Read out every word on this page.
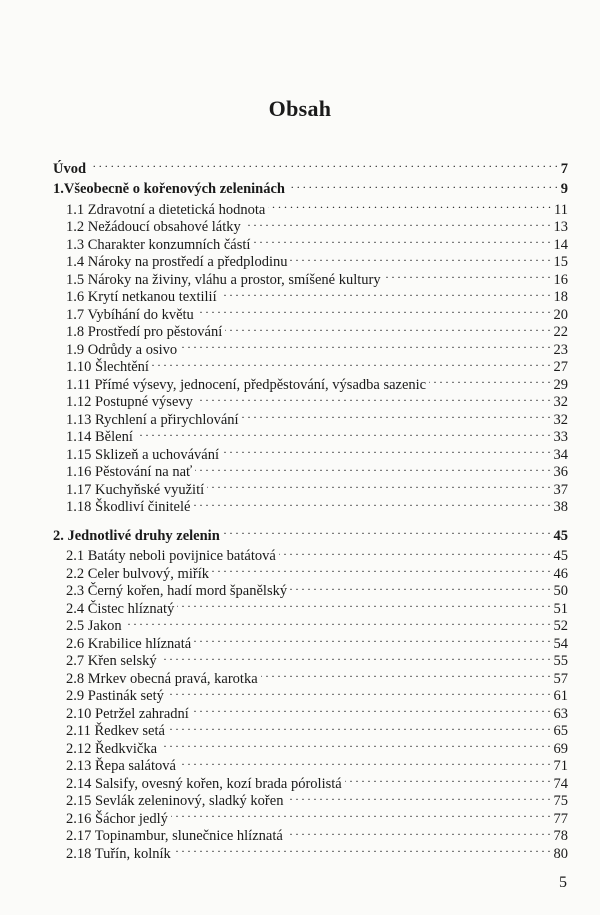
Obsah
Úvod . . .	7
1.Všeobecně o kořenových zeleninách . . .	9
1.1 Zdravotní a dietetická hodnota . . .	11
1.2 Nežádoucí obsahové látky . . .	13
1.3 Charakter konzumních částí . . .	14
1.4 Nároky na prostředí a předplodinu . . .	15
1.5 Nároky na živiny, vláhu a prostor, smíšené kultury . . .	16
1.6 Krytí netkanou textilií . . .	18
1.7 Vybíhání do květu . . .	20
1.8 Prostředí pro pěstování . . .	22
1.9 Odrůdy a osivo . . .	23
1.10 Šlechtění . . .	27
1.11 Přímé výsevy, jednocení, předpěstování, výsadba sazenic . . .	29
1.12 Postupné výsevy . . .	32
1.13 Rychlení a přirychlování . . .	32
1.14 Bělení . . .	33
1.15 Sklizeň a uchovávání . . .	34
1.16 Pěstování na nať . . .	36
1.17 Kuchyňské využití . . .	37
1.18 Škodliví činitelé . . .	38
2. Jednotlivé druhy zelenin . . .	45
2.1 Batáty neboli povijnice batátová . . .	45
2.2 Celer bulvový, miřík . . .	46
2.3 Černý kořen, hadí mord španělský . . .	50
2.4 Čistec hlíznatý . . .	51
2.5 Jakon . . .	52
2.6 Krabilice hlíznatá . . .	54
2.7 Křen selský . . .	55
2.8 Mrkev obecná pravá, karotka . . .	57
2.9 Pastinák setý . . .	61
2.10 Petržel zahradní . . .	63
2.11 Ředkev setá . . .	65
2.12 Ředkvička . . .	69
2.13 Řepa salátová . . .	71
2.14 Salsify, ovesný kořen, kozí brada pórolistá . . .	74
2.15 Sevlák zeleninový, sladký kořen . . .	75
2.16 Šáchor jedlý . . .	77
2.17 Topinambur, slunečnice hlíznatá . . .	78
2.18 Tuřín, kolník . . .	80
5
